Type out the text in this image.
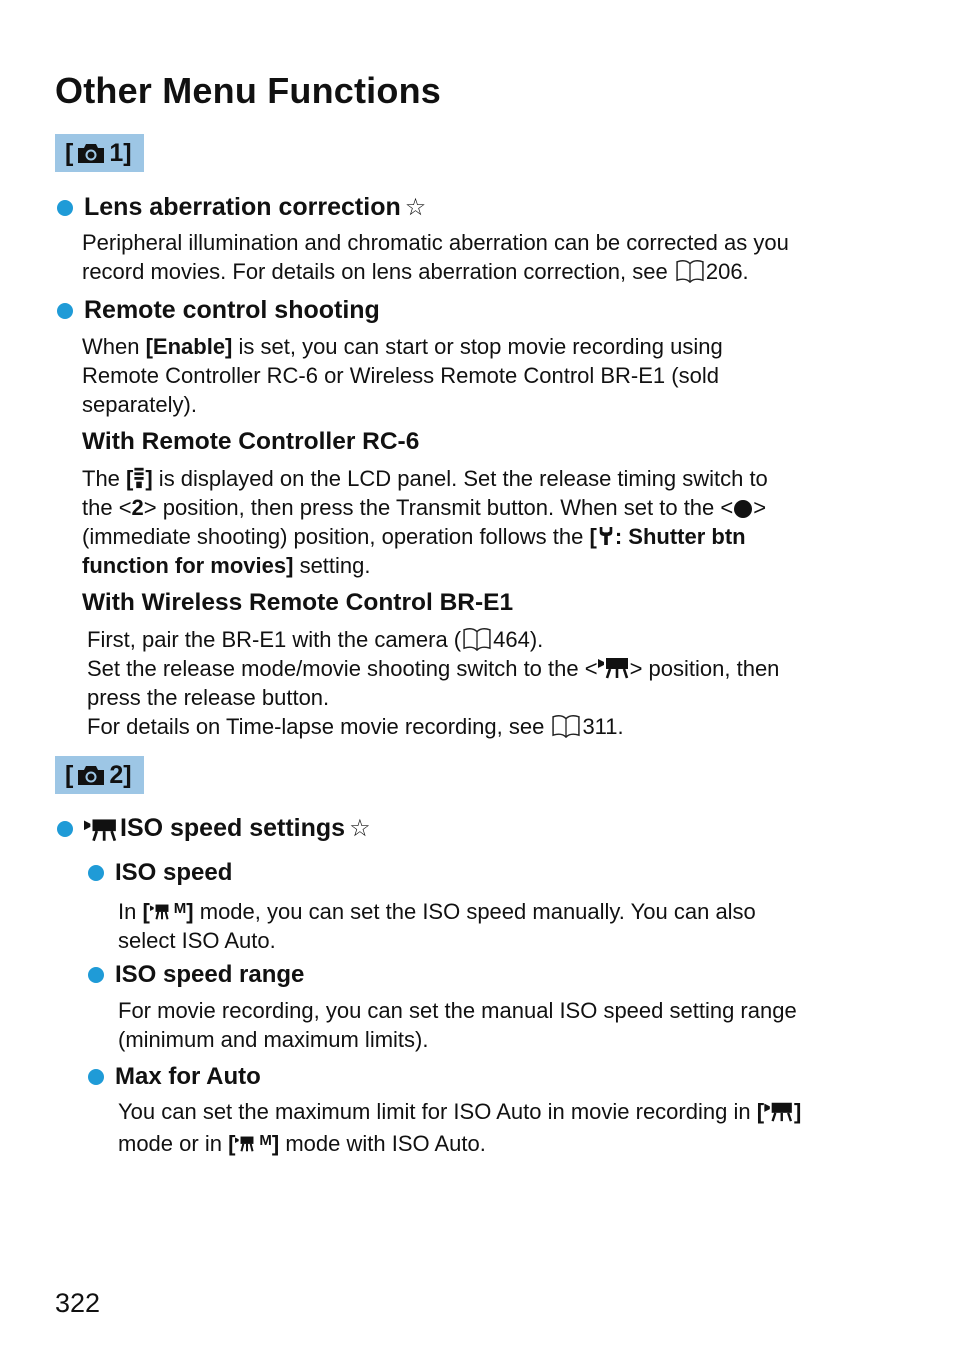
Other Menu Functions
[ 1]
Lens aberration correction ☆
Peripheral illumination and chromatic aberration can be corrected as you
record movies. For details on lens aberration correction, see 206.
Remote control shooting
When [Enable] is set, you can start or stop movie recording using
Remote Controller RC-6 or Wireless Remote Control BR-E1 (sold
separately).
With Remote Controller RC-6
The [ ] is displayed on the LCD panel. Set the release timing switch to
the <2> position, then press the Transmit button. When set to the < >
(immediate shooting) position, operation follows the [ : Shutter btn
function for movies] setting.
With Wireless Remote Control BR-E1
First, pair the BR-E1 with the camera ( 464).
Set the release mode/movie shooting switch to the < > position, then
press the release button.
For details on Time-lapse movie recording, see 311.
[ 2]
ISO speed settings ☆
ISO speed
In [ $^M$] mode, you can set the ISO speed manually. You can also
select ISO Auto.
ISO speed range
For movie recording, you can set the manual ISO speed setting range
(minimum and maximum limits).
Max for Auto
You can set the maximum limit for ISO Auto in movie recording in [ ]
mode or in [ $^M$] mode with ISO Auto.
322
